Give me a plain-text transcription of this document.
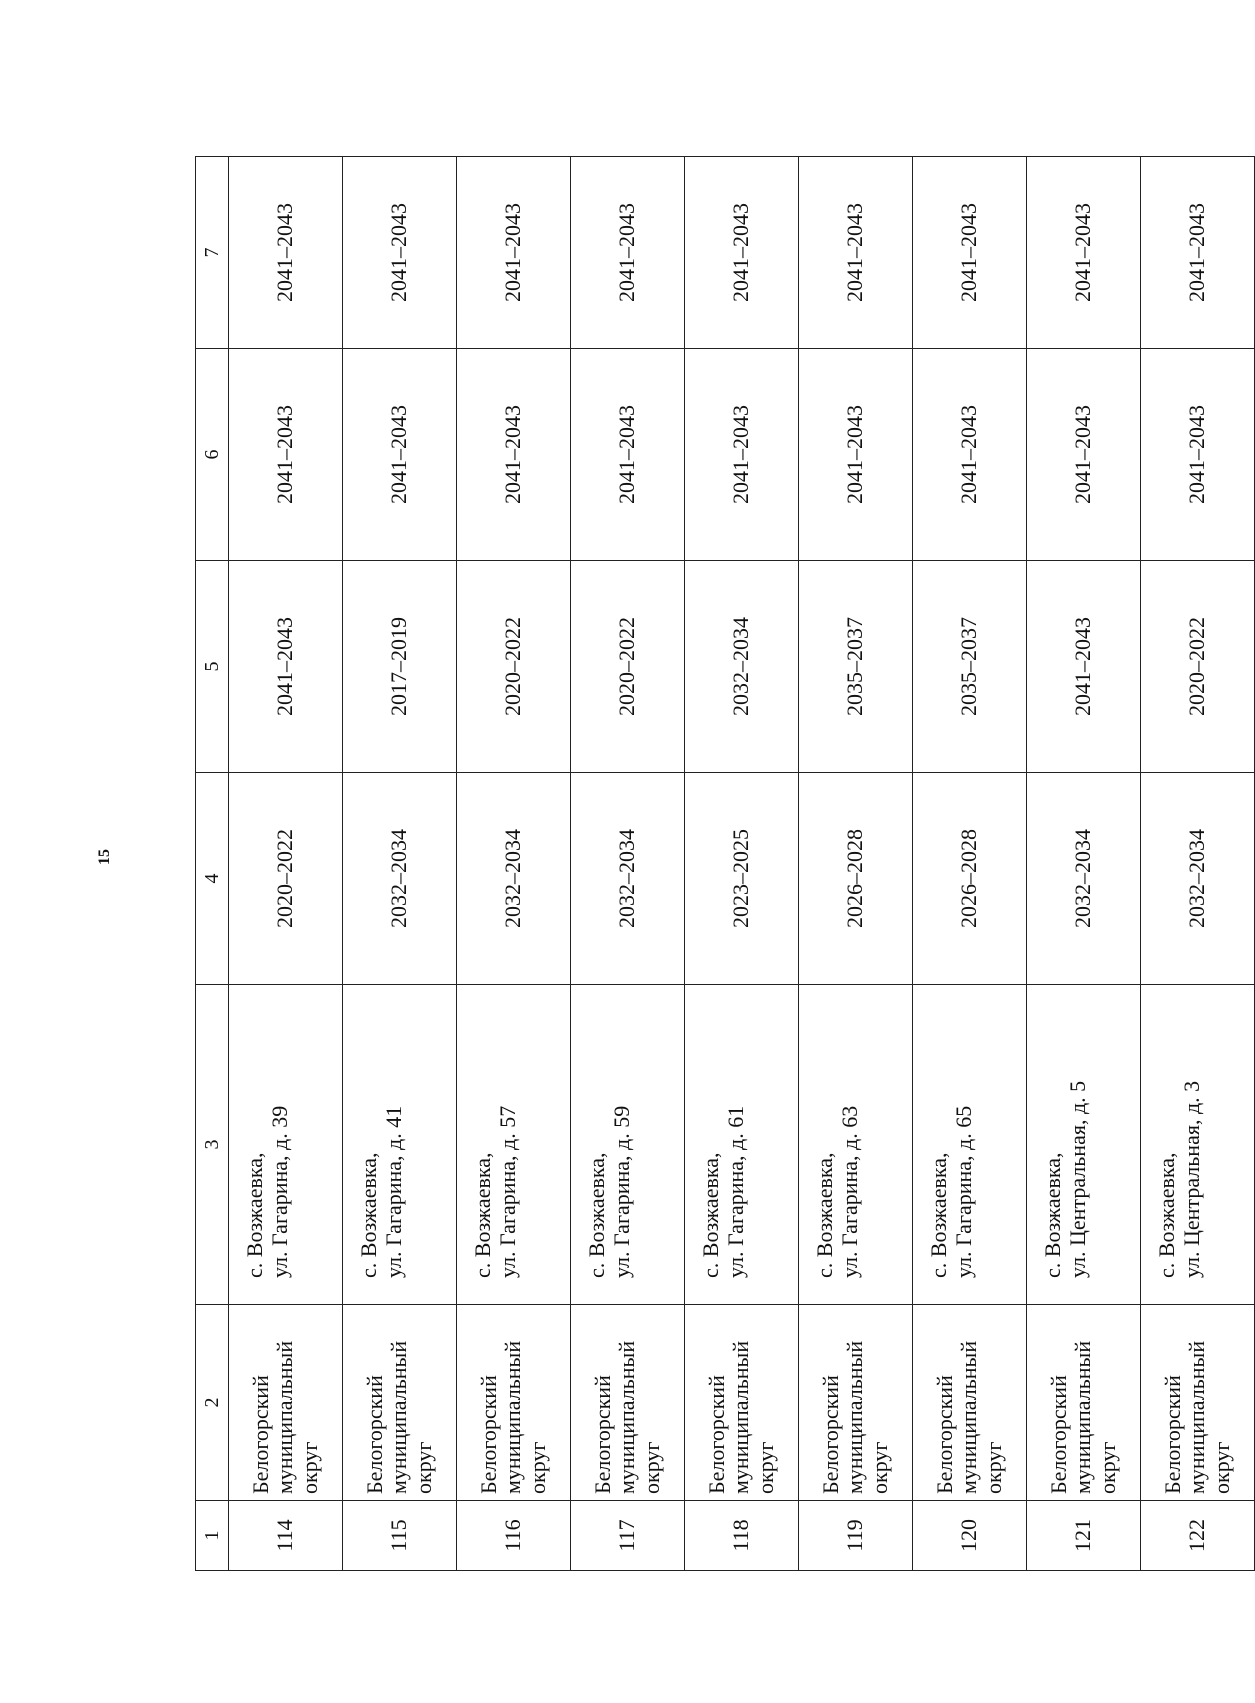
15
1	2	3	4	5	6	7
114	Белогорский муниципальный округ	с. Возжаевка, ул. Гагарина, д. 39	2020–2022	2041–2043	2041–2043	2041–2043
115	Белогорский муниципальный округ	с. Возжаевка, ул. Гагарина, д. 41	2032–2034	2017–2019	2041–2043	2041–2043
116	Белогорский муниципальный округ	с. Возжаевка, ул. Гагарина, д. 57	2032–2034	2020–2022	2041–2043	2041–2043
117	Белогорский муниципальный округ	с. Возжаевка, ул. Гагарина, д. 59	2032–2034	2020–2022	2041–2043	2041–2043
118	Белогорский муниципальный округ	с. Возжаевка, ул. Гагарина, д. 61	2023–2025	2032–2034	2041–2043	2041–2043
119	Белогорский муниципальный округ	с. Возжаевка, ул. Гагарина, д. 63	2026–2028	2035–2037	2041–2043	2041–2043
120	Белогорский муниципальный округ	с. Возжаевка, ул. Гагарина, д. 65	2026–2028	2035–2037	2041–2043	2041–2043
121	Белогорский муниципальный округ	с. Возжаевка, ул. Центральная, д. 5	2032–2034	2041–2043	2041–2043	2041–2043
122	Белогорский муниципальный округ	с. Возжаевка, ул. Центральная, д. 3	2032–2034	2020–2022	2041–2043	2041–2043
